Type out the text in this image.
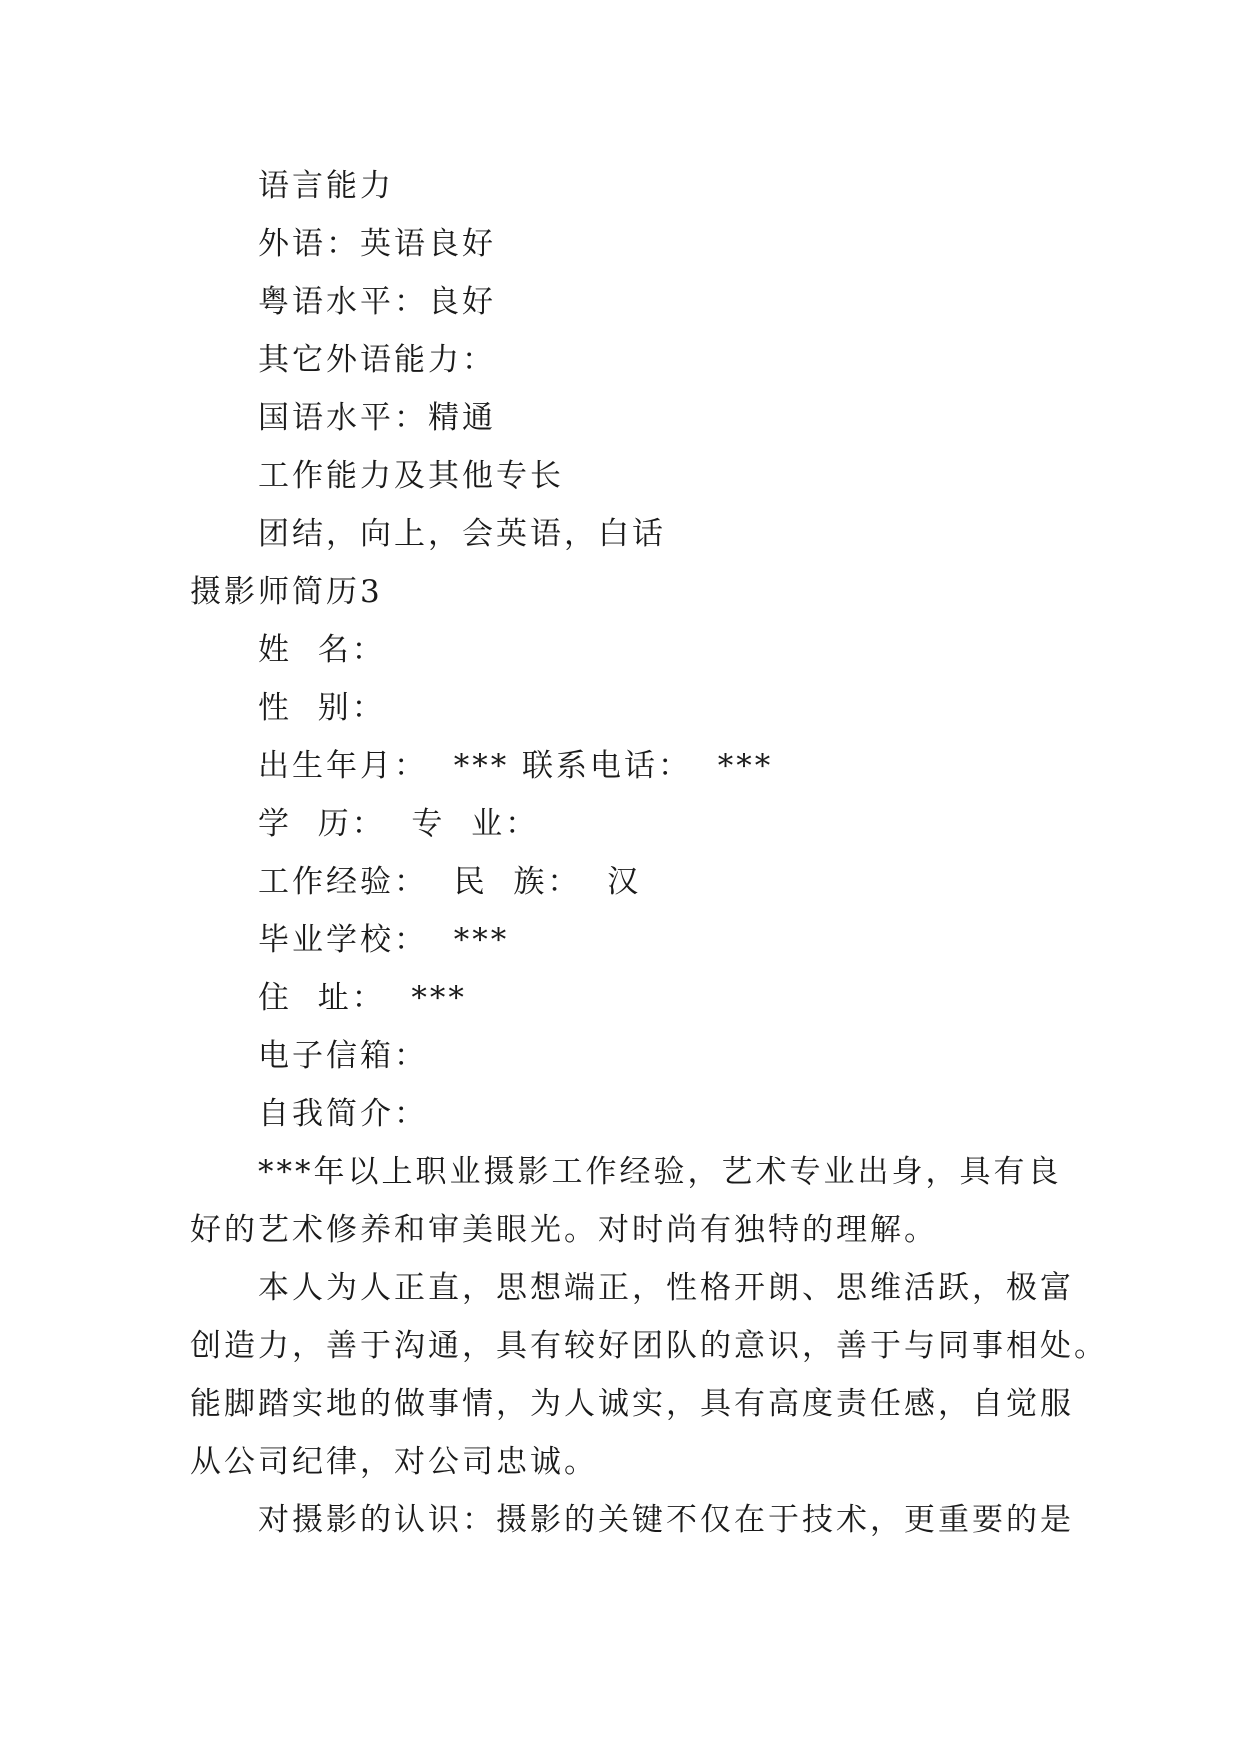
语言能力
外语：英语良好
粤语水平：良好
其它外语能力：
国语水平：精通
工作能力及其他专长
团结，向上，会英语，白话
摄影师简历3
姓  名：
性  别：
出生年月：  *** 联系电话：  ***
学  历：  专  业：
工作经验：  民  族：  汉
毕业学校：  ***
住  址：  ***
电子信箱：
自我简介：
***年以上职业摄影工作经验，艺术专业出身，具有良
好的艺术修养和审美眼光。对时尚有独特的理解。
本人为人正直，思想端正，性格开朗、思维活跃，极富
创造力，善于沟通，具有较好团队的意识，善于与同事相处。
能脚踏实地的做事情，为人诚实，具有高度责任感，自觉服
从公司纪律，对公司忠诚。
对摄影的认识：摄影的关键不仅在于技术，更重要的是
